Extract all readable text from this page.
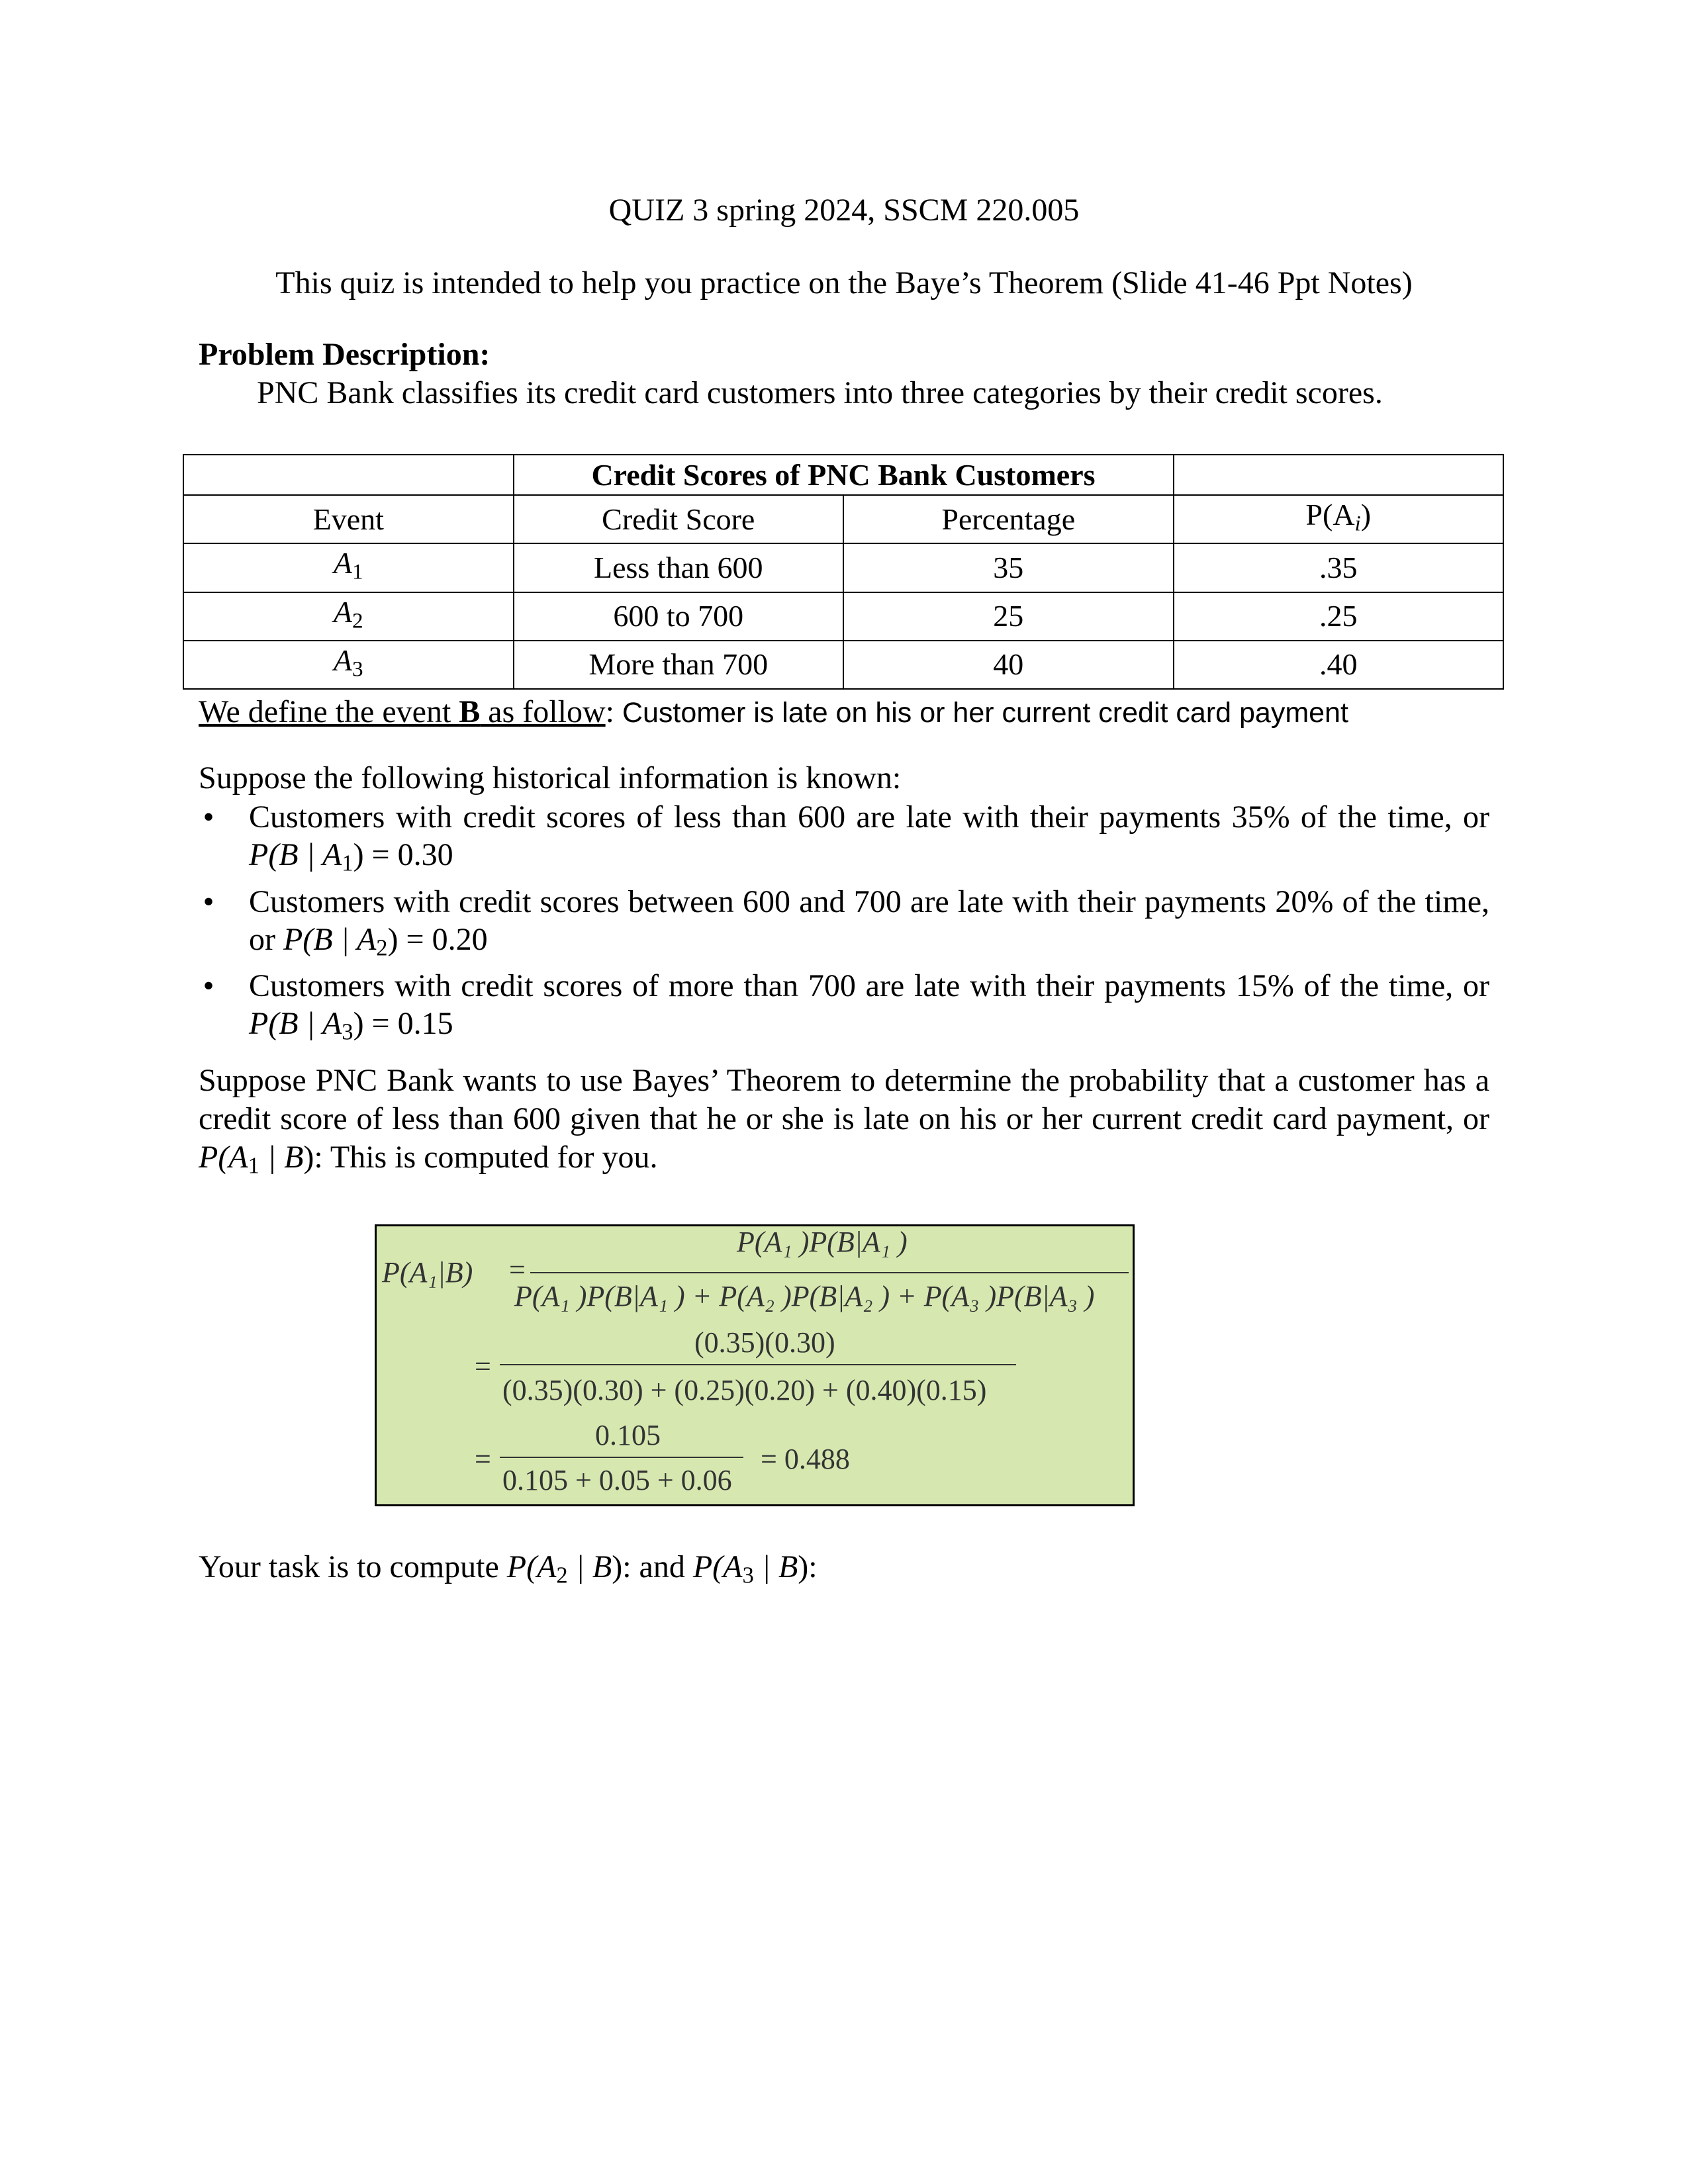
QUIZ 3 spring 2024, SSCM 220.005
This quiz is intended to help you practice on the Baye’s Theorem (Slide 41-46 Ppt Notes)
Problem Description:
PNC Bank classifies its credit card customers into three categories by their credit scores.
	Credit Scores of PNC Bank Customers		
Event	Credit Score	Percentage	$P(A_i)$
$A_1$	Less than 600	35	.35
$A_2$	600 to 700	25	.25
$A_3$	More than 700	40	.40
We define the event B as follow: Customer is late on his or her current credit card payment
Suppose the following historical information is known:
• Customers with credit scores of less than 600 are late with their payments 35% of the time, or P(B | $A_1) = 0.30$
• Customers with credit scores between 600 and 700 are late with their payments 20% of the time, or P(B | $A_2) = 0.20$
• Customers with credit scores of more than 700 are late with their payments 15% of the time, or P(B | $A_3) = 0.15$
Suppose PNC Bank wants to use Bayes’ Theorem to determine the probability that a customer has a credit score of less than 600 given that he or she is late on his or her current credit card payment, or $P(A_1$ | B): This is computed for you.
P(A₁|B) =
P(A₁ )P(B|A₁ )
P(A₁ )P(B|A₁ ) + P(A₂ )P(B|A₂ ) + P(A₃ )P(B|A₃ )
=
(0.35)(0.30)
(0.35)(0.30) + (0.25)(0.20) + (0.40)(0.15)
=
0.105
0.105 + 0.05 + 0.06
= 0.488
Your task is to compute $P(A_2$ | B): and $P(A_3$ | B):
